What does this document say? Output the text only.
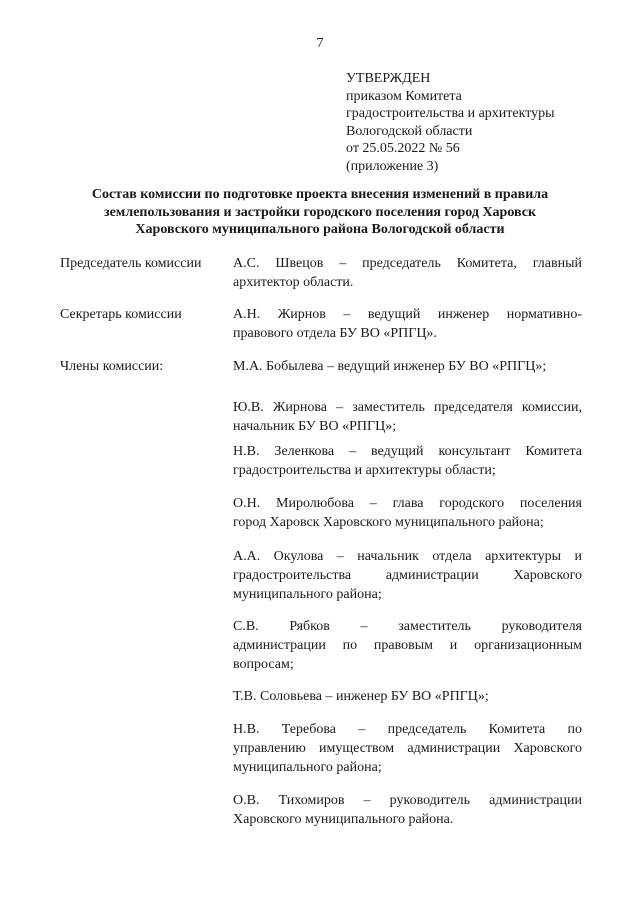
7
УТВЕРЖДЕН
приказом Комитета
градостроительства и архитектуры
Вологодской области
от 25.05.2022 № 56
(приложение 3)
Состав комиссии по подготовке проекта внесения изменений в правила
землепользования и застройки городского поселения город Харовск
Харовского муниципального района Вологодской области
Председатель комиссии А.С. Швецов – председатель Комитета, главный
архитектор области.
Секретарь комиссии	А.Н. Жирнов – ведущий инженер нормативно-
правового отдела БУ ВО «РПГЦ».
Члены комиссии:	М.А. Бобылева – ведущий инженер БУ ВО «РПГЦ»;
Ю.В. Жирнова – заместитель председателя комиссии,
начальник БУ ВО «РПГЦ»;
Н.В. Зеленкова – ведущий консультант Комитета
градостроительства и архитектуры области;
О.Н. Миролюбова – глава городского поселения
город Харовск Харовского муниципального района;
А.А. Окулова – начальник отдела архитектуры и
градостроительства администрации Харовского
муниципального района;
С.В. Рябков – заместитель руководителя
администрации по правовым и организационным
вопросам;
Т.В. Соловьева – инженер БУ ВО «РПГЦ»;
Н.В. Теребова – председатель Комитета по
управлению имуществом администрации Харовского
муниципального района;
О.В. Тихомиров – руководитель администрации
Харовского муниципального района.
